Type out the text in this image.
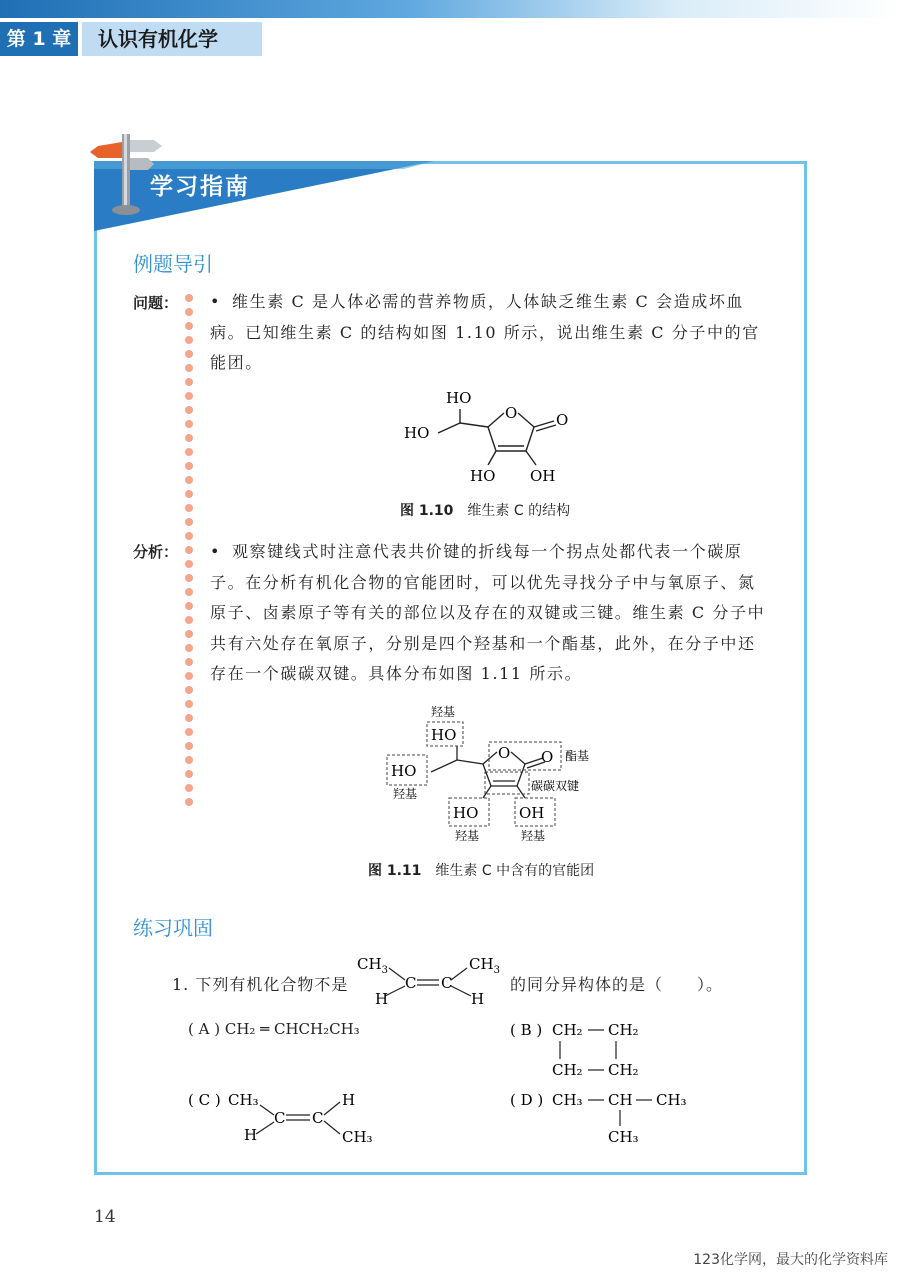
第 1 章	认识有机化学
学习指南
例题导引
问题： • 维生素 C 是人体必需的营养物质，人体缺乏维生素 C 会造成坏血病。已知维生素 C 的结构如图 1.10 所示，说出维生素 C 分子中的官能团。
HO
HO
O	O
HO OH
图 1.10 维生素 C 的结构
分析： • 观察键线式时注意代表共价键的折线每一个拐点处都代表一个碳原子。在分析有机化合物的官能团时，可以优先寻找分子中与氧原子、氮原子、卤素原子等有关的部位以及存在的双键或三键。维生素 C 分子中共有六处存在氧原子，分别是四个羟基和一个酯基，此外，在分子中还存在一个碳碳双键。具体分布如图 1.11 所示。
羟基
HO
HO
羟基
O O 酯基
碳碳双键
HO	OH
羟基	羟基
图 1.11 维生素 C 中含有的官能团
练习巩固
1. 下列有机化合物不是
$CH_3$
H
C C
$CH_3$
H
的同分异构体的是（　　）。
( A ) CH₂ ═ CHCH₂CH₃	( B ) CH₂ CH₂
CH₂ CH₂
( C ) CH₃
H
C C
H
CH₃
( D ) CH₃ CH CH₃
CH₃
14
123化学网，最大的化学资料库
